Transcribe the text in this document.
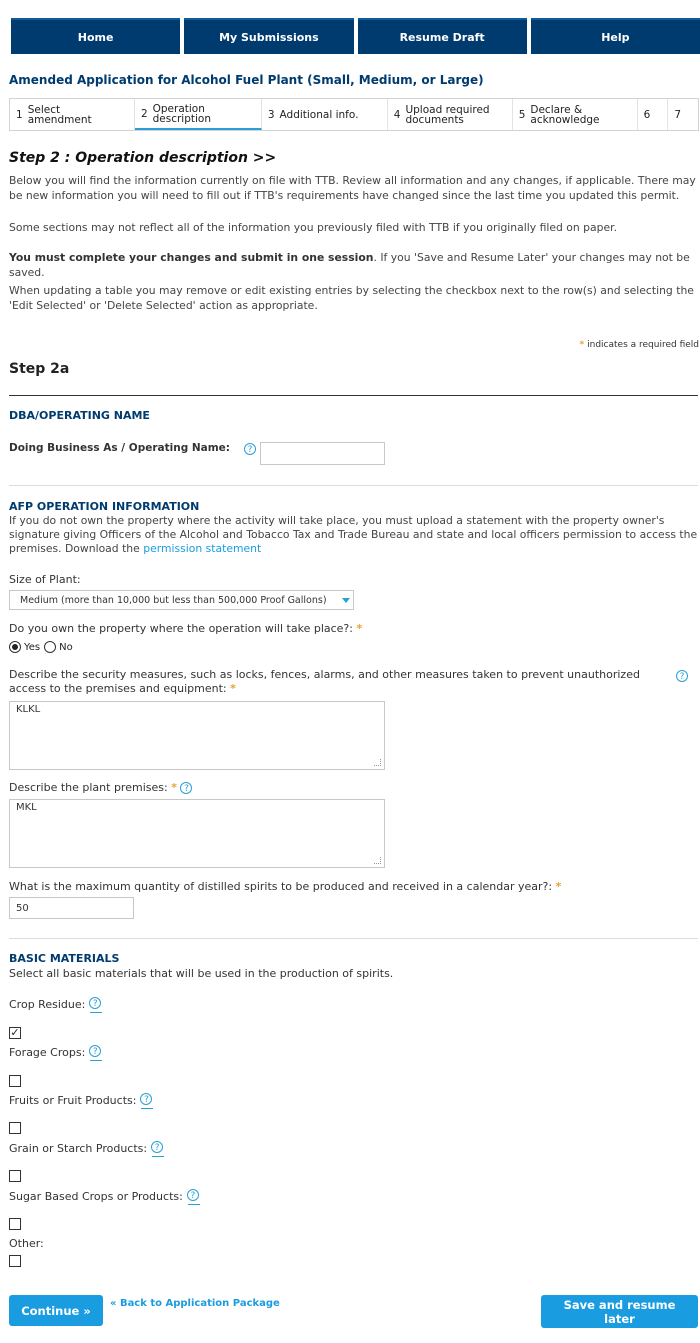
Home	My Submissions	Resume Draft	Help
Amended Application for Alcohol Fuel Plant (Small, Medium, or Large)
1 Select amendment	2 Operation description	3 Additional info.	4 Upload required documents	5 Declare & acknowledge	6 7
Step 2 : Operation description >>

Below you will find the information currently on file with TTB. Review all information and any changes, if applicable. There may be new information you will need to fill out if TTB's requirements have changed since the last time you updated this permit.

Some sections may not reflect all of the information you previously filed with TTB if you originally filed on paper.

You must complete your changes and submit in one session. If you 'Save and Resume Later' your changes may not be saved.

When updating a table you may remove or edit existing entries by selecting the checkbox next to the row(s) and selecting the 'Edit Selected' or 'Delete Selected' action as appropriate.

* indicates a required field
Step 2a
DBA/OPERATING NAME
Doing Business As / Operating Name:	?
AFP OPERATION INFORMATION

If you do not own the property where the activity will take place, you must upload a statement with the property owner's signature giving Officers of the Alcohol and Tobacco Tax and Trade Bureau and state and local officers permission to access the premises. Download the permission statement

Size of Plant:
Medium (more than 10,000 but less than 500,000 Proof Gallons)
Do you own the property where the operation will take place?: *
Yes No
Describe the security measures, such as locks, fences, alarms, and other measures taken to prevent unauthorized access to the premises and equipment: *
?
KLKL
Describe the plant premises: * ?
MKL
What is the maximum quantity of distilled spirits to be produced and received in a calendar year?: *
50
BASIC MATERIALS
Select all basic materials that will be used in the production of spirits.
Crop Residue: ?
✓
Forage Crops: ?
Fruits or Fruit Products: ?
Grain or Starch Products: ?
Sugar Based Crops or Products: ?
Other:
Continue »	« Back to Application Package	Save and resume later
